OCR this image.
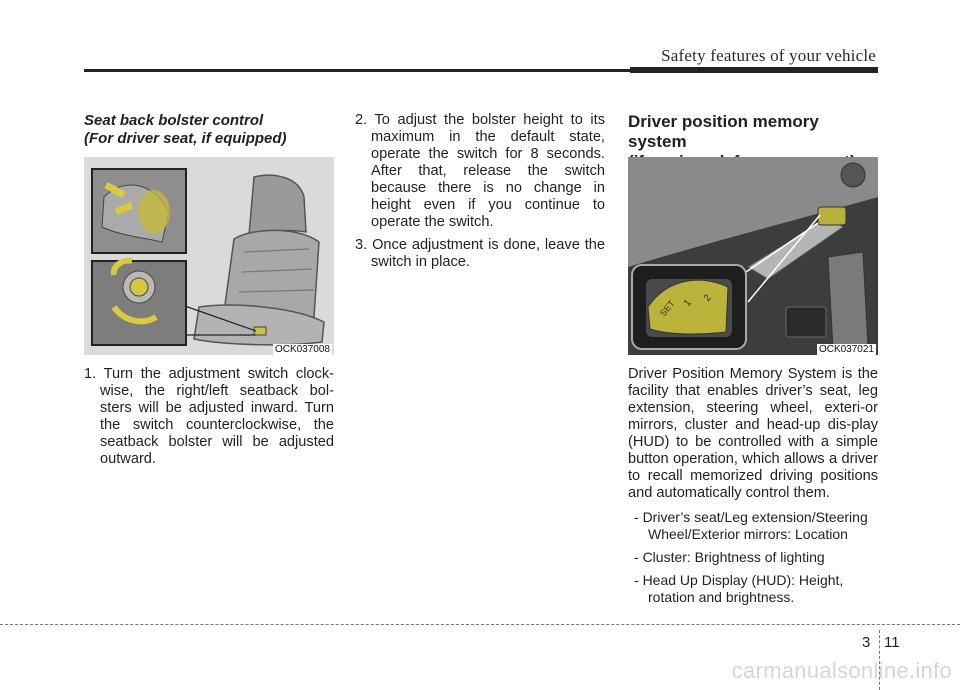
Safety features of your vehicle
Seat back bolster control
(For driver seat, if equipped)
OCK037008

1. Turn the adjustment switch clock-wise, the right/left seatback bol-sters will be adjusted inward. Turn the switch counterclockwise, the seatback bolster will be adjusted outward.

2. To adjust the bolster height to its maximum in the default state, operate the switch for 8 seconds. After that, release the switch because there is no change in height even if you continue to operate the switch.

3. Once adjustment is done, leave the switch in place.

Driver position memory system
SET 1 2
OCK037021

Driver Position Memory System is the facility that enables driver’s seat, leg extension, steering wheel, exteri-or mirrors, cluster and head-up dis-play (HUD) to be controlled with a simple button operation, which allows a driver to recall memorized driving positions and automatically control them.

- Driver’s seat/Leg extension/Steering Wheel/Exterior mirrors: Location

- Cluster: Brightness of lighting

- Head Up Display (HUD): Height, rotation and brightness.

3 11
carmanualsonline.info
